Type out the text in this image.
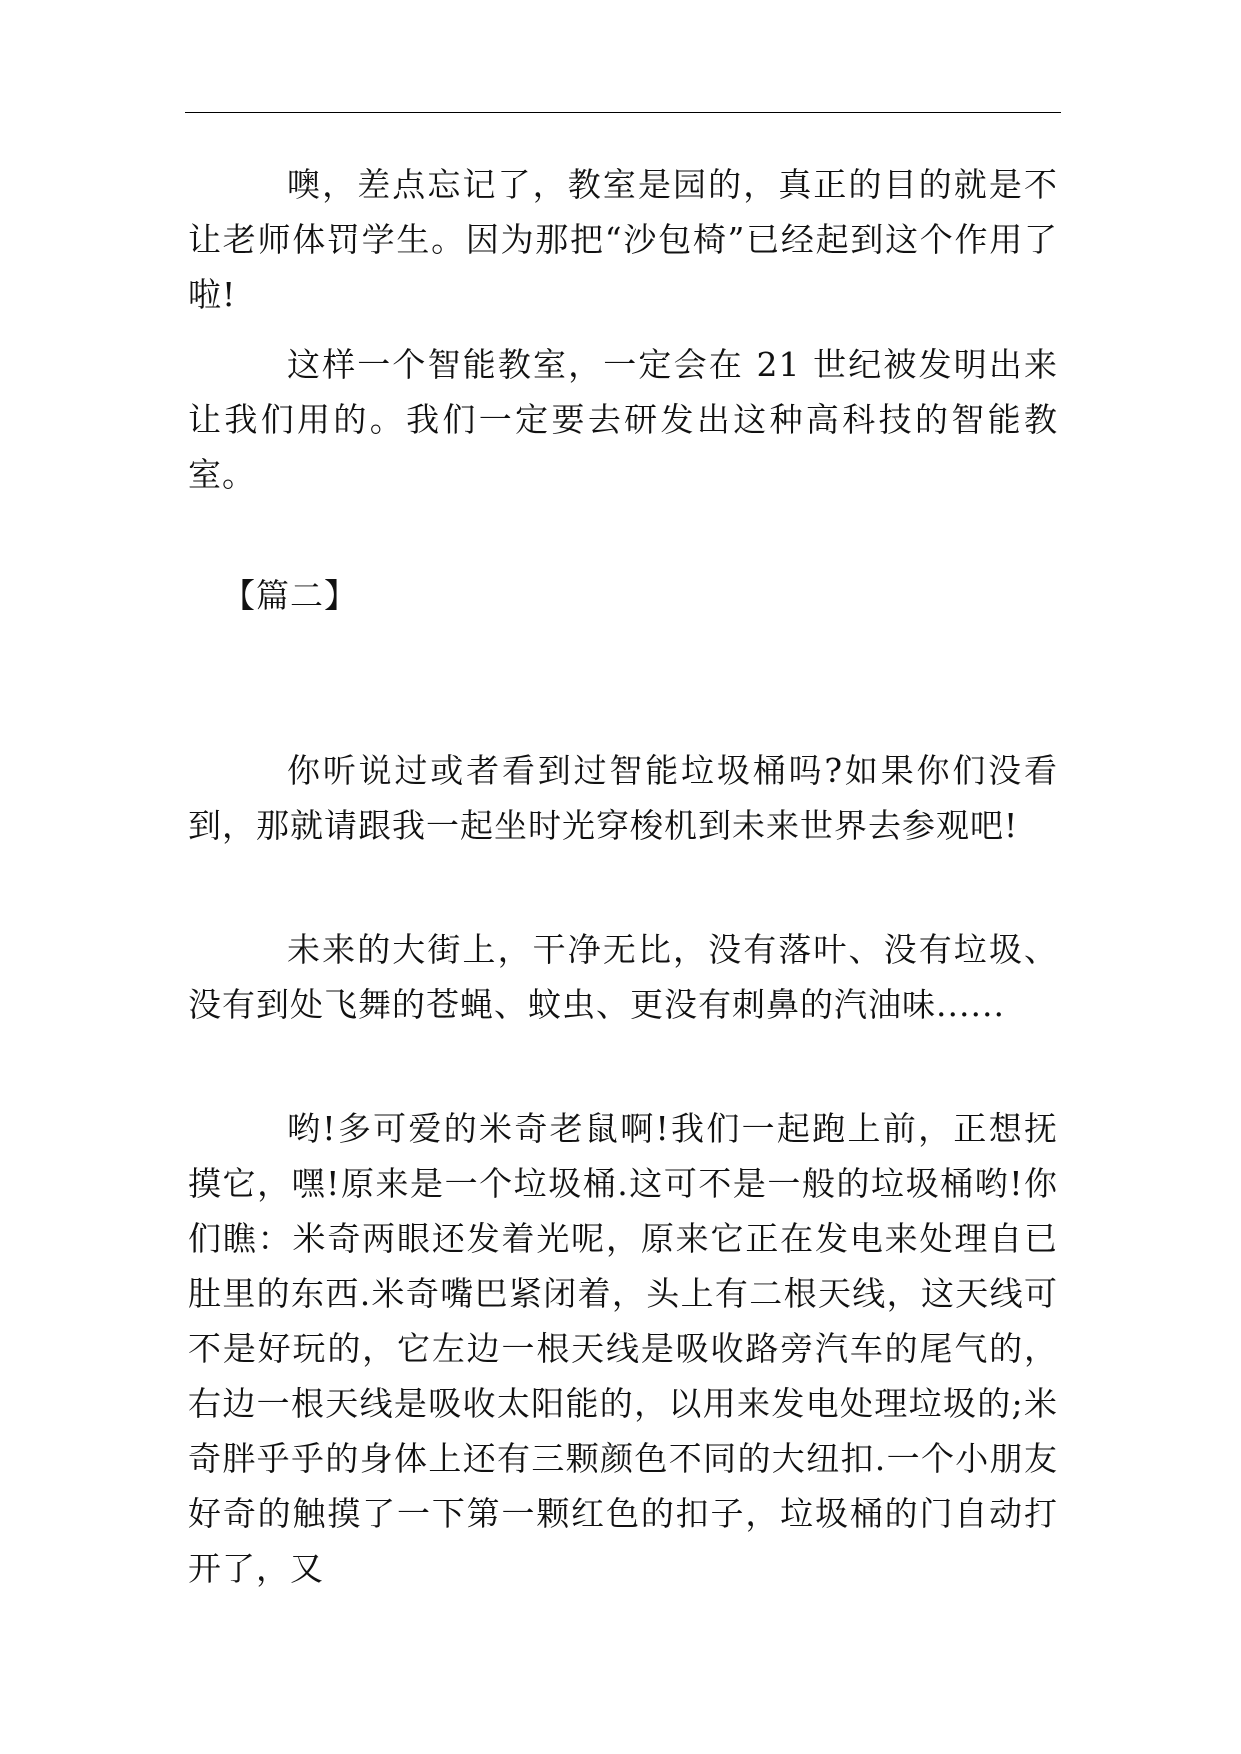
噢，差点忘记了，教室是园的，真正的目的就是不让老师体罚学生。因为那把“沙包椅”已经起到这个作用了啦!

这样一个智能教室，一定会在 21 世纪被发明出来让我们用的。我们一定要去研发出这种高科技的智能教室。

【篇二】

你听说过或者看到过智能垃圾桶吗?如果你们没看到，那就请跟我一起坐时光穿梭机到未来世界去参观吧!

未来的大街上，干净无比，没有落叶、没有垃圾、没有到处飞舞的苍蝇、蚊虫、更没有刺鼻的汽油味......

哟!多可爱的米奇老鼠啊!我们一起跑上前，正想抚摸它，嘿!原来是一个垃圾桶.这可不是一般的垃圾桶哟!你们瞧：米奇两眼还发着光呢，原来它正在发电来处理自已肚里的东西.米奇嘴巴紧闭着，头上有二根天线，这天线可不是好玩的，它左边一根天线是吸收路旁汽车的尾气的，右边一根天线是吸收太阳能的，以用来发电处理垃圾的;米奇胖乎乎的身体上还有三颗颜色不同的大纽扣.一个小朋友好奇的触摸了一下第一颗红色的扣子，垃圾桶的门自动打开了，又
